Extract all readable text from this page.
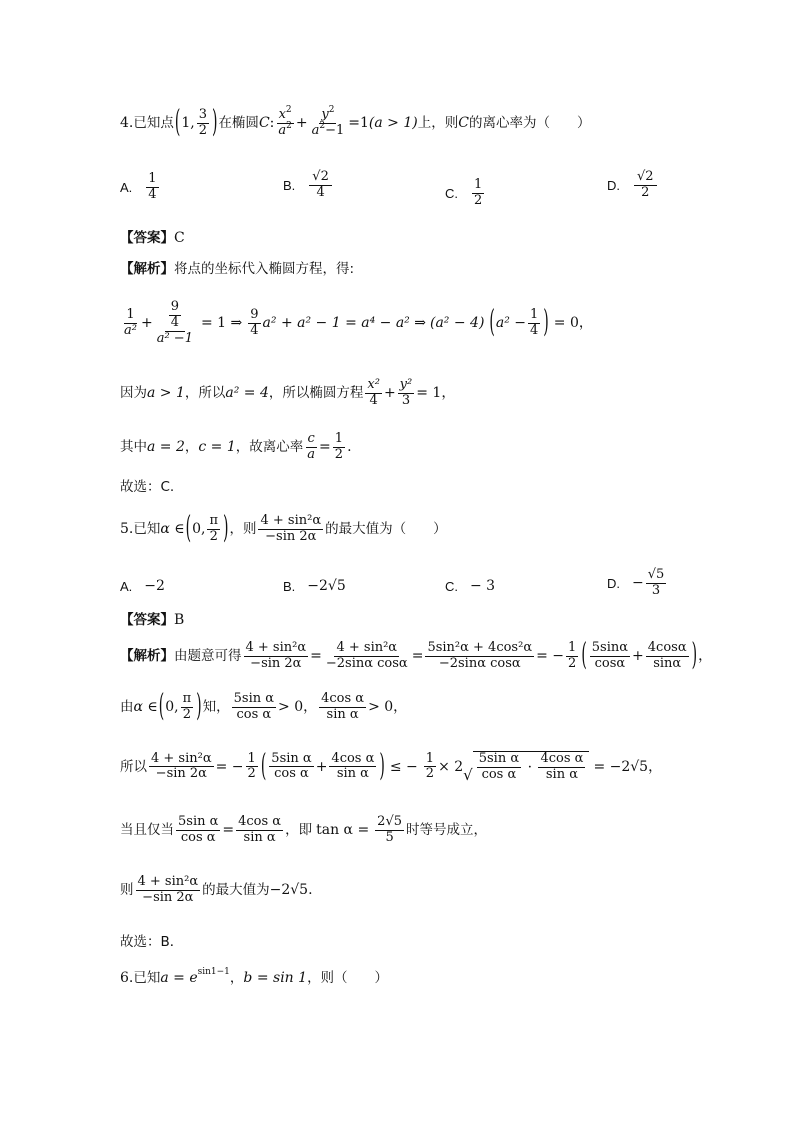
4. 已知点 ( 1, $\frac{3}{2}$ ) 在椭圆 C : $\frac{x^2}{a^2} + \frac{y^2}{a^2-1} =1$ (a > 1) 上，则 C 的离心率为（　　）
A. $\frac{1}{4}$	B. $\frac{√2}{4}$	C. $\frac{1}{2}$	D. $\frac{√2}{2}$
【答案】 C
【解析】 将点的坐标代入椭圆方程，得:
$\frac{1}{\text{a²}} + \frac{\frac{9}{4}}{\text{a² −1}} = 1$ ⇒ $\frac{9}{4} a^2 + a^2 - 1 = a^4 - a^2$ ⇒ (a² − 4) ( $a^2 - \frac{1}{4}$ ) = 0，
因为 a > 1 ，所以 a² = 4 ，所以椭圆方程 $\frac{\text{x²}}{4} + \frac{\text{y²}}{3} = 1$，
其中 a = 2 ， c = 1 ，故离心率 $\frac{c}{a} = \frac{1}{2}$ .
故选：C.
5. 已知 α ∈ ( 0, $\frac{\pi}{2}$ ) ，则 $\frac{\text{4 + sin²α}}{-\sin 2\alpha}$ 的最大值为（　　）
A. −2	B. −2√5	C. − 3	D. − $\frac{√5}{3}$
【答案】 B
【解析】 由题意可得 $\frac{\text{4 + sin²α}}{-\sin 2\alpha} = \frac{\text{4 + sin²α}}{\text{−2sinα cosα}} = \frac{\text{5sin²α + 4cos²α}}{\text{−2sinα cosα}}$ = − $\frac{1}{2}$ ( $\frac{5\sin\alpha}{\cos\alpha} + \frac{4\cos\alpha}{\sin\alpha}$ ) ，
由 α ∈ ( 0, $\frac{\pi}{2}$ ) 知， $\frac{\text{5sin α}}{\text{cos α}} > 0$， $\frac{\text{4cos α}}{\text{sin α}} > 0$，
所以 $\frac{\text{4 + sin²α}}{-\sin 2\alpha}$ = − $\frac{1}{2}$ ( $\frac{\text{5sin α}}{\text{cos α}} + \frac{\text{4cos α}}{\text{sin α}}$ ) ≤ − $\frac{1}{2} \times 2$ √ $\frac{\text{5sin α}}{\text{cos α}} \cdot \frac{\text{4cos α}}{\text{sin α}} = -2√5$，
当且仅当 $\frac{\text{5sin α}}{\text{cos α}} = \frac{\text{4cos α}}{\text{sin α}}$ ，即 $\tan \alpha = \frac{2√5}{5}$ 时等号成立，
则 $\frac{\text{4 + sin²α}}{-\sin 2\alpha}$ 的最大值为 −2√5 .
故选：B．
6. 已知 a = e sin1−1 ， b = sin 1 ，则（　　）
